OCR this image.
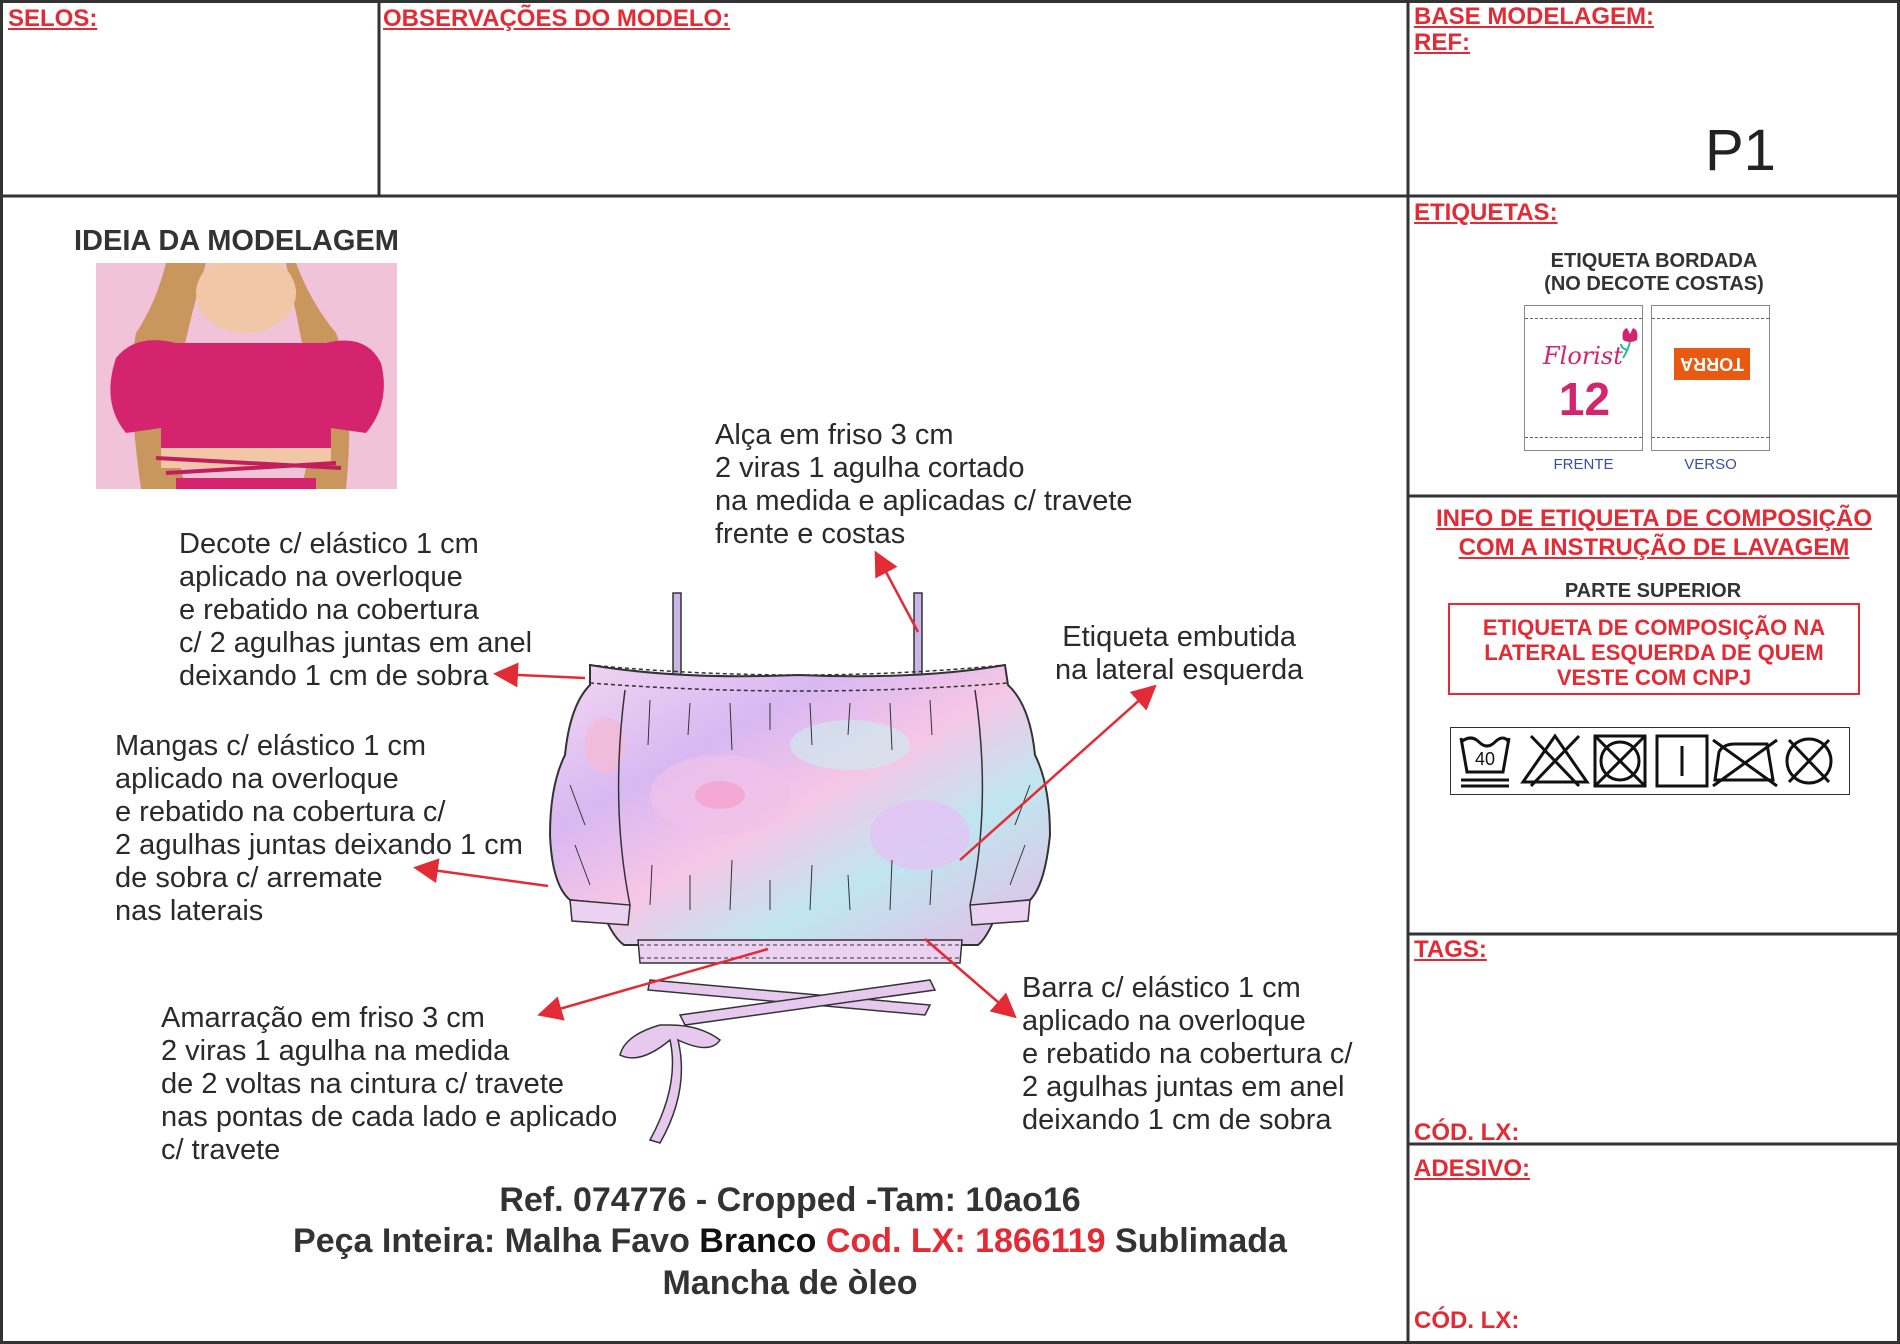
SELOS:	OBSERVAÇÕES DO MODELO:	BASE MODELAGEM:
REF:
P1
IDEIA DA MODELAGEM
Alça em friso 3 cm
2 viras 1 agulha cortado
na medida e aplicadas c/ travete
frente e costas
Decote c/ elástico 1 cm
aplicado na overloque
e rebatido na cobertura
c/ 2 agulhas juntas em anel
deixando 1 cm de sobra
Etiqueta embutida
na lateral esquerda
Mangas c/ elástico 1 cm
aplicado na overloque
e rebatido na cobertura c/
2 agulhas juntas deixando 1 cm
de sobra c/ arremate
nas laterais
Amarração em friso 3 cm
2 viras 1 agulha na medida
de 2 voltas na cintura c/ travete
nas pontas de cada lado e aplicado
c/ travete
Barra c/ elástico 1 cm
aplicado na overloque
e rebatido na cobertura c/
2 agulhas juntas em anel
deixando 1 cm de sobra
Ref. 074776 - Cropped -Tam: 10ao16
Peça Inteira: Malha Favo Branco Cod. LX: 1866119 Sublimada
Mancha de òleo
ETIQUETAS:
ETIQUETA BORDADA
(NO DECOTE COSTAS)
Florist
12
TORRA
FRENTE	VERSO
INFO DE ETIQUETA DE COMPOSIÇÃO
COM A INSTRUÇÃO DE LAVAGEM
PARTE SUPERIOR
ETIQUETA DE COMPOSIÇÃO NA
LATERAL ESQUERDA DE QUEM
VESTE COM CNPJ
40
TAGS:
CÓD. LX:
ADESIVO:
CÓD. LX:
